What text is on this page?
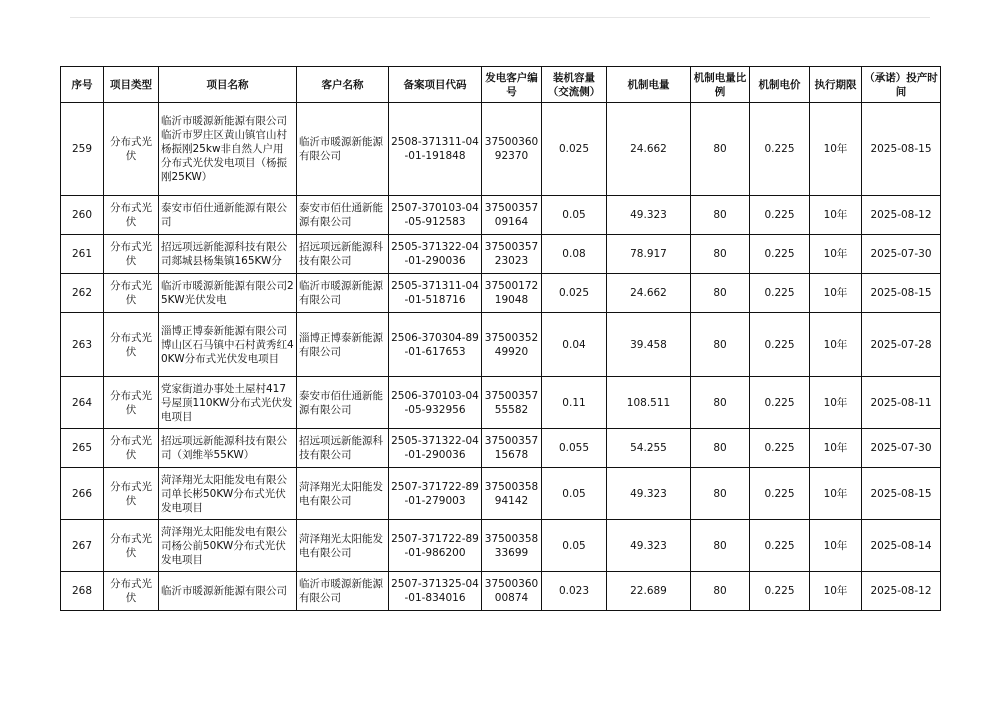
序号	项目类型	项目名称	客户名称	备案项目代码	发电客户编号	装机容量（交流侧）	机制电量	机制电量比例	机制电价	执行期限	（承诺）投产时间
259	分布式光伏	临沂市暖源新能源有限公司临沂市罗庄区黄山镇官山村杨振刚25kw非自然人户用分布式光伏发电项目（杨振刚25KW）	临沂市暖源新能源有限公司	2508-371311-04-01-191848	3750036092370	0.025	24.662	80	0.225	10年	2025-08-15
260	分布式光伏	泰安市佰仕通新能源有限公司	泰安市佰仕通新能源有限公司	2507-370103-04-05-912583	3750035709164	0.05	49.323	80	0.225	10年	2025-08-12
261	分布式光伏	招远项远新能源科技有限公司郯城县杨集镇165KW分	招远项远新能源科技有限公司	2505-371322-04-01-290036	3750035723023	0.08	78.917	80	0.225	10年	2025-07-30
262	分布式光伏	临沂市暖源新能源有限公司25KW光伏发电	临沂市暖源新能源有限公司	2505-371311-04-01-518716	3750017219048	0.025	24.662	80	0.225	10年	2025-08-15
263	分布式光伏	淄博正博泰新能源有限公司博山区石马镇中石村黄秀红40KW分布式光伏发电项目	淄博正博泰新能源有限公司	2506-370304-89-01-617653	3750035249920	0.04	39.458	80	0.225	10年	2025-07-28
264	分布式光伏	党家街道办事处土屋村417号屋顶110KW分布式光伏发电项目	泰安市佰仕通新能源有限公司	2506-370103-04-05-932956	3750035755582	0.11	108.511	80	0.225	10年	2025-08-11
265	分布式光伏	招远项远新能源科技有限公司（刘维举55KW）	招远项远新能源科技有限公司	2505-371322-04-01-290036	3750035715678	0.055	54.255	80	0.225	10年	2025-07-30
266	分布式光伏	菏泽翔光太阳能发电有限公司单长彬50KW分布式光伏发电项目	菏泽翔光太阳能发电有限公司	2507-371722-89-01-279003	3750035894142	0.05	49.323	80	0.225	10年	2025-08-15
267	分布式光伏	菏泽翔光太阳能发电有限公司杨公前50KW分布式光伏发电项目	菏泽翔光太阳能发电有限公司	2507-371722-89-01-986200	3750035833699	0.05	49.323	80	0.225	10年	2025-08-14
268	分布式光伏	临沂市暖源新能源有限公司	临沂市暖源新能源有限公司	2507-371325-04-01-834016	3750036000874	0.023	22.689	80	0.225	10年	2025-08-12
